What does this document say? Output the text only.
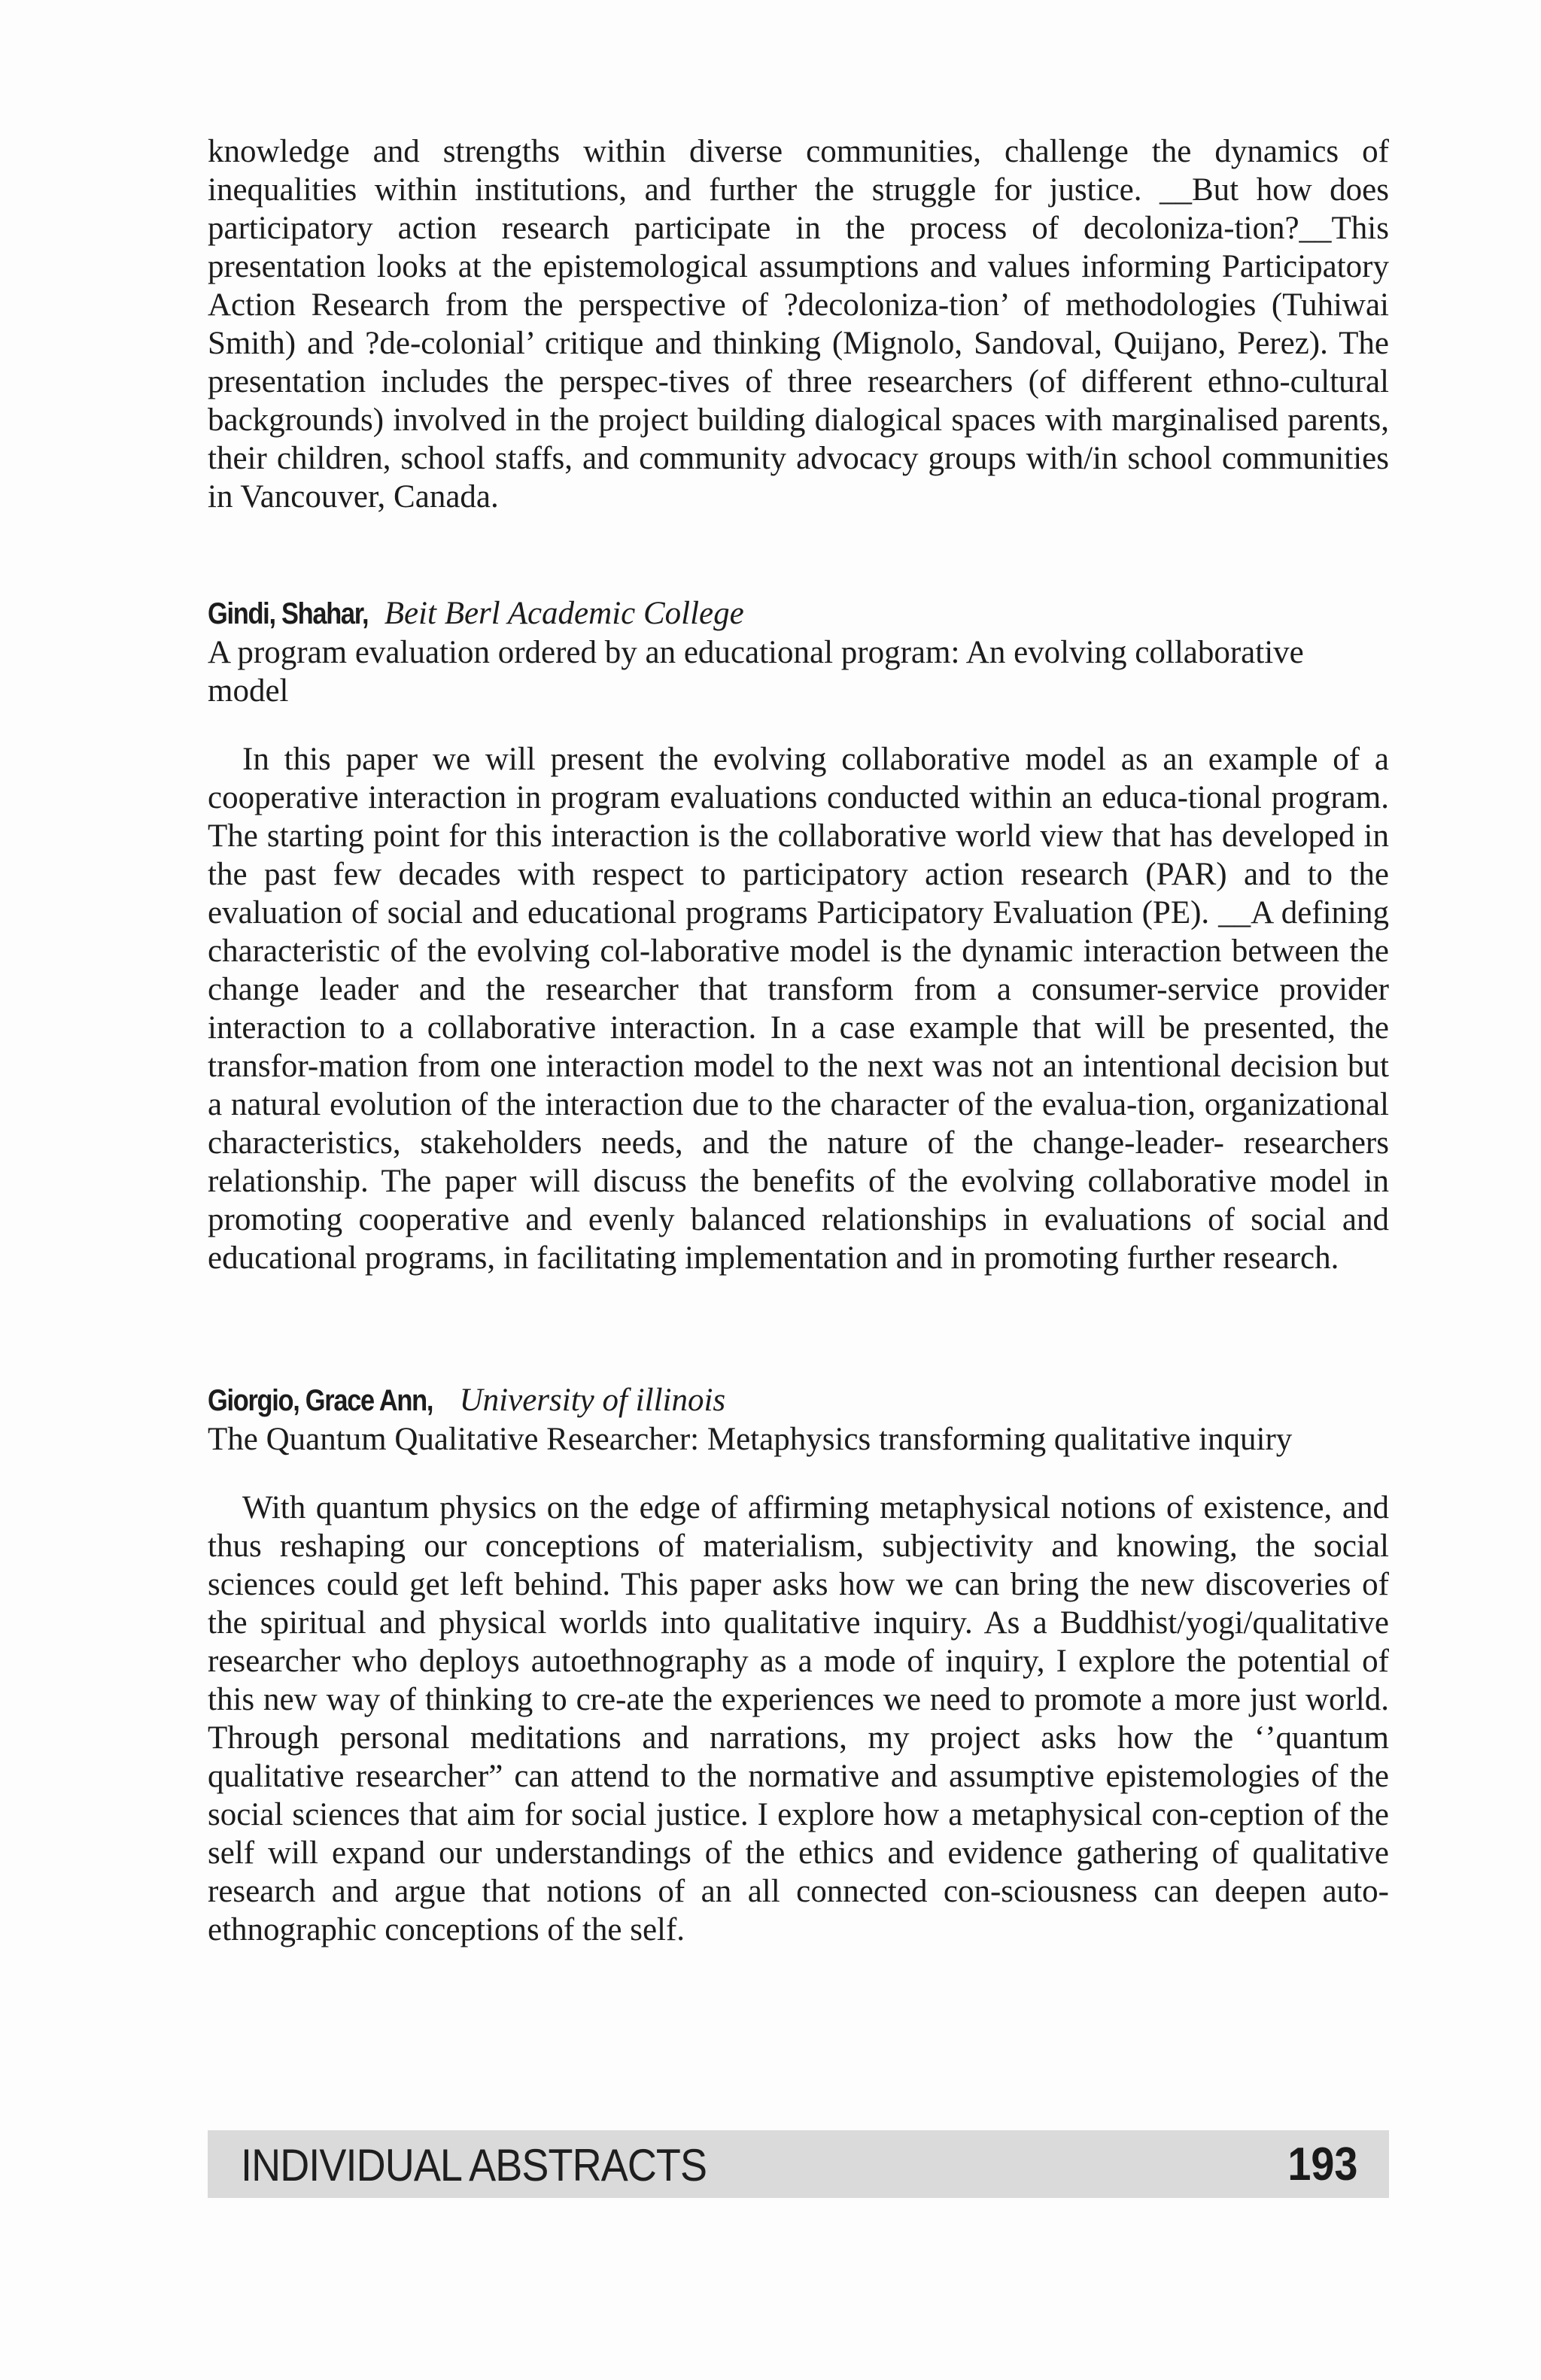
knowledge and strengths within diverse communities, challenge the dynamics of inequalities within institutions, and further the struggle for justice. __But how does participatory action research participate in the process of decoloniza-tion?__This presentation looks at the epistemological assumptions and values informing Participatory Action Research from the perspective of ?decoloniza-tion’ of methodologies (Tuhiwai Smith) and ?de-colonial’ critique and thinking (Mignolo, Sandoval, Quijano, Perez). The presentation includes the perspec-tives of three researchers (of different ethno-cultural backgrounds) involved in the project building dialogical spaces with marginalised parents, their children, school staffs, and community advocacy groups with/in school communities in Vancouver, Canada.

Gindi, Shahar, Beit Berl Academic College

A program evaluation ordered by an educational program: An evolving collaborative model

In this paper we will present the evolving collaborative model as an example of a cooperative interaction in program evaluations conducted within an educa-tional program. The starting point for this interaction is the collaborative world view that has developed in the past few decades with respect to participatory action research (PAR) and to the evaluation of social and educational programs Participatory Evaluation (PE). __A defining characteristic of the evolving col-laborative model is the dynamic interaction between the change leader and the researcher that transform from a consumer-service provider interaction to a collaborative interaction. In a case example that will be presented, the transfor-mation from one interaction model to the next was not an intentional decision but a natural evolution of the interaction due to the character of the evalua-tion, organizational characteristics, stakeholders needs, and the nature of the change-leader- researchers relationship. The paper will discuss the benefits of the evolving collaborative model in promoting cooperative and evenly balanced relationships in evaluations of social and educational programs, in facilitating implementation and in promoting further research.

Giorgio, Grace Ann, University of illinois

The Quantum Qualitative Researcher: Metaphysics transforming qualitative inquiry

With quantum physics on the edge of affirming metaphysical notions of existence, and thus reshaping our conceptions of materialism, subjectivity and knowing, the social sciences could get left behind. This paper asks how we can bring the new discoveries of the spiritual and physical worlds into qualitative inquiry. As a Buddhist/yogi/qualitative researcher who deploys autoethnography as a mode of inquiry, I explore the potential of this new way of thinking to cre-ate the experiences we need to promote a more just world. Through personal meditations and narrations, my project asks how the ‘’quantum qualitative researcher” can attend to the normative and assumptive epistemologies of the social sciences that aim for social justice. I explore how a metaphysical con-ception of the self will expand our understandings of the ethics and evidence gathering of qualitative research and argue that notions of an all connected con-sciousness can deepen auto-ethnographic conceptions of the self.

INDIVIDUAL ABSTRACTS	193
